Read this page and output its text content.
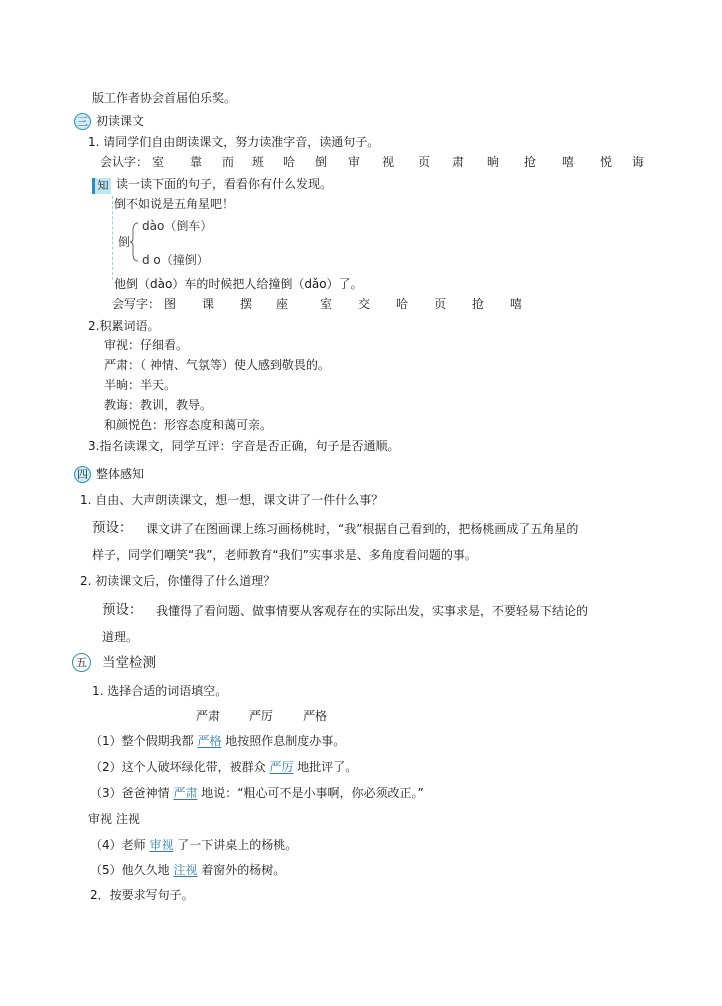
版工作者协会首届伯乐奖。
三 初读课文
1. 请同学们自由朗读课文，努力读准字音，读通句子。
会认字： 室 靠 而 班 哈 倒 审 视 页 肃 晌 抢 嘻 悦 诲
知 读一读下面的句子，看看你有什么发现。
倒不如说是五角星吧！
倒
dào（倒车）
d o（撞倒）
他倒（dào）车的时候把人给撞倒（dǎo）了。
会写字： 图 课 摆 座	室 交 哈 页 抢 嘻
2.积累词语。
审视：仔细看。
严肃：（ 神情、气氛等）使人感到敬畏的。
半晌：半天。
教诲：教训，教导。
和颜悦色：形容态度和蔼可亲。
3.指名读课文，同学互评：字音是否正确，句子是否通顺。
四 整体感知
1. 自由、大声朗读课文，想一想，课文讲了一件什么事？
预设： 课文讲了在图画课上练习画杨桃时，“我”根据自己看到的，把杨桃画成了五角星的
样子，同学们嘲笑“我”，老师教育“我们”实事求是、多角度看问题的事。
2. 初读课文后，你懂得了什么道理？
预设： 我懂得了看问题、做事情要从客观存在的实际出发，实事求是，不要轻易下结论的
道理。
五 当堂检测
1. 选择合适的词语填空。
严肃 严厉 严格
（1）整个假期我都 严格 地按照作息制度办事。
（2）这个人破坏绿化带，被群众 严厉 地批评了。
（3）爸爸神情 严肃 地说：“粗心可不是小事啊，你必须改正。”
审视 注视
（4）老师 审视 了一下讲桌上的杨桃。
（5）他久久地 注视 着窗外的杨树。
2．按要求写句子。
